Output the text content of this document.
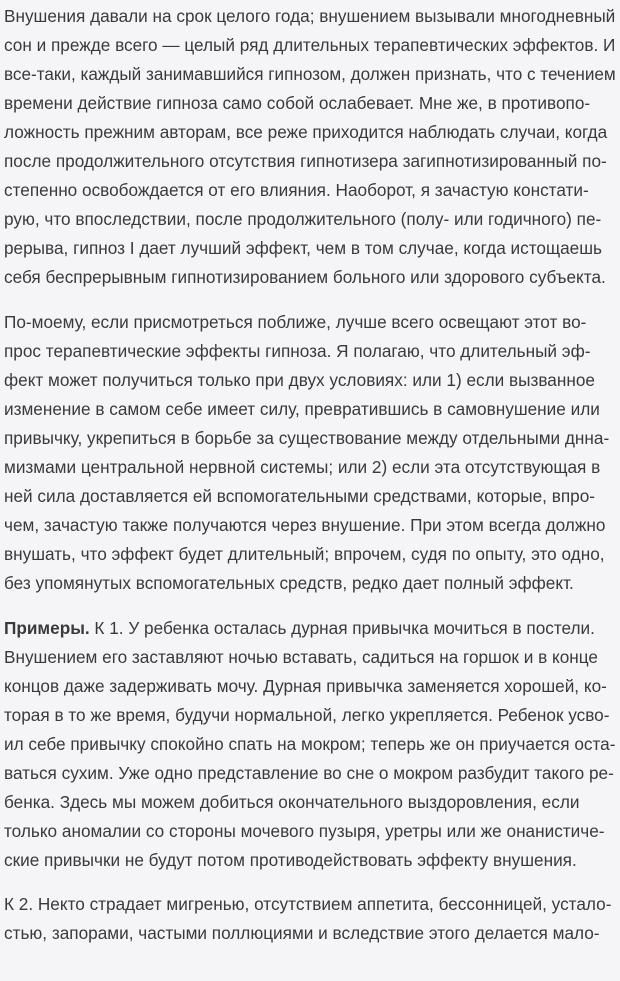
Внушения давали на срок целого года; внушением вызывали многодневный
сон и прежде всего — целый ряд длительных терапевтических эффектов. И
все-таки, каждый занимавшийся гипнозом, должен признать, что с течением
времени действие гипноза само собой ослабевает. Мне же, в противопо-
ложность прежним авторам, все реже приходится наблюдать случаи, когда
после продолжительного отсутствия гипнотизера загипнотизированный по-
степенно освобождается от его влияния. Наоборот, я зачастую констати-
рую, что впоследствии, после продолжительного (полу- или годичного) пе-
рерыва, гипноз I дает лучший эффект, чем в том случае, когда истощаешь
себя беспрерывным гипнотизированием больного или здорового субъекта.
По-моему, если присмотреться поближе, лучше всего освещают этот во-
прос терапевтические эффекты гипноза. Я полагаю, что длительный эф-
фект может получиться только при двух условиях: или 1) если вызванное
изменение в самом себе имеет силу, превратившись в самовнушение или
привычку, укрепиться в борьбе за существование между отдельными днна-
мизмами центральной нервной системы; или 2) если эта отсутствующая в
ней сила доставляется ей вспомогательными средствами, которые, впро-
чем, зачастую также получаются через внушение. При этом всегда должно
внушать, что эффект будет длительный; впрочем, судя по опыту, это одно,
без упомянутых вспомогательных средств, редко дает полный эффект.
Примеры. К 1. У ребенка осталась дурная привычка мочиться в постели.
Внушением его заставляют ночью вставать, садиться на горшок и в конце
концов даже задерживать мочу. Дурная привычка заменяется хорошей, ко-
торая в то же время, будучи нормальной, легко укрепляется. Ребенок усво-
ил себе привычку спокойно спать на мокром; теперь же он приучается оста-
ваться сухим. Уже одно представление во сне о мокром разбудит такого ре-
бенка. Здесь мы можем добиться окончательного выздоровления, если
только аномалии со стороны мочевого пузыря, уретры или же онанистиче-
ские привычки не будут потом противодействовать эффекту внушения.
К 2. Некто страдает мигренью, отсутствием аппетита, бессонницей, устало-
стью, запорами, частыми поллюциями и вследствие этого делается мало-
